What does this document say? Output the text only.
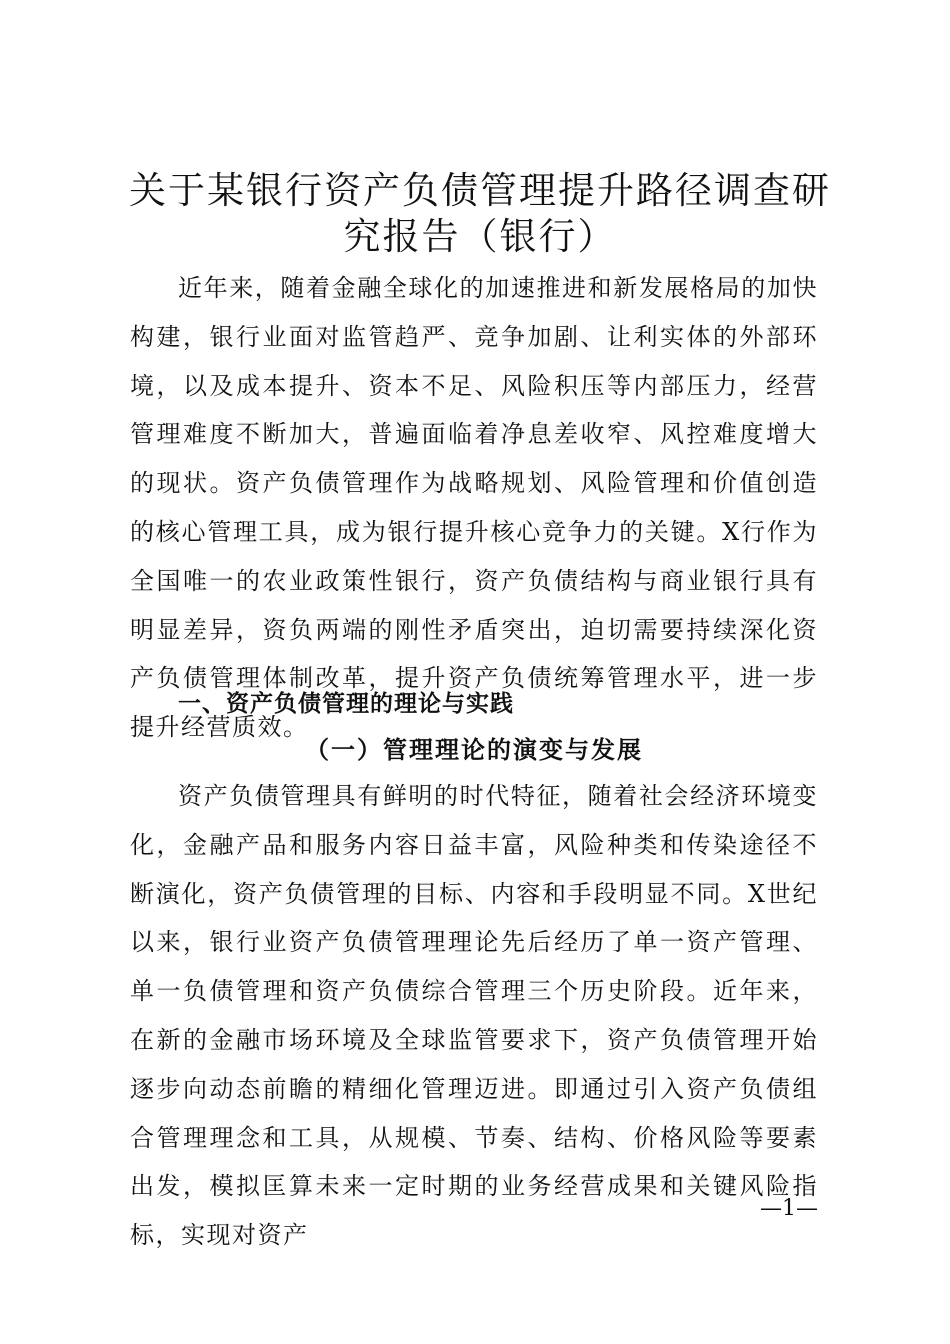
关于某银行资产负债管理提升路径调查研究报告（银行）

近年来，随着金融全球化的加速推进和新发展格局的加快构建，银行业面对监管趋严、竞争加剧、让利实体的外部环境，以及成本提升、资本不足、风险积压等内部压力，经营管理难度不断加大，普遍面临着净息差收窄、风控难度增大的现状。资产负债管理作为战略规划、风险管理和价值创造的核心管理工具，成为银行提升核心竞争力的关键。X行作为全国唯一的农业政策性银行，资产负债结构与商业银行具有明显差异，资负两端的刚性矛盾突出，迫切需要持续深化资产负债管理体制改革，提升资产负债统筹管理水平，进一步提升经营质效。

一、资产负债管理的理论与实践
（一）管理理论的演变与发展

资产负债管理具有鲜明的时代特征，随着社会经济环境变化，金融产品和服务内容日益丰富，风险种类和传染途径不断演化，资产负债管理的目标、内容和手段明显不同。X世纪以来，银行业资产负债管理理论先后经历了单一资产管理、单一负债管理和资产负债综合管理三个历史阶段。近年来，在新的金融市场环境及全球监管要求下，资产负债管理开始逐步向动态前瞻的精细化管理迈进。即通过引入资产负债组合管理理念和工具，从规模、节奏、结构、价格风险等要素出发，模拟匡算未来一定时期的业务经营成果和关键风险指标，实现对资产

—1—
